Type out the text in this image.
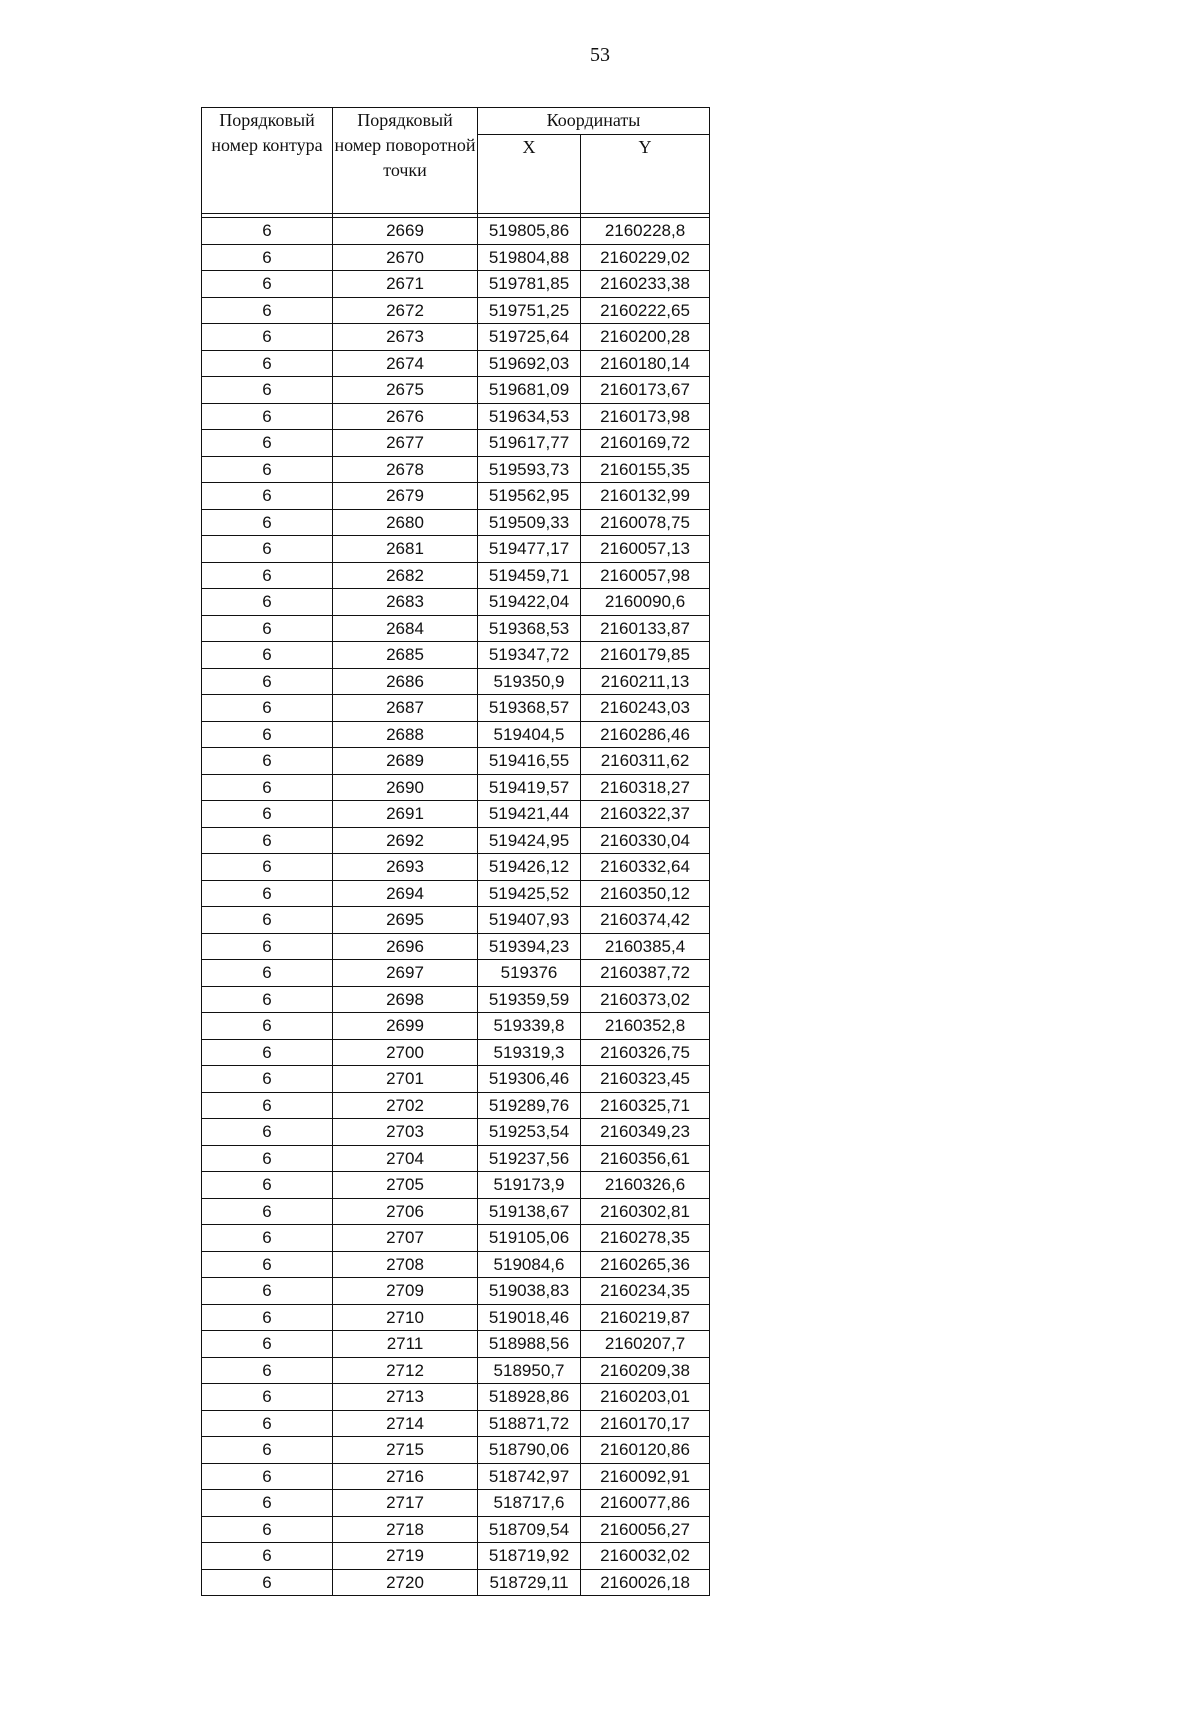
53
Порядковый номер контура	Порядковый номер поворотной точки	Координаты	
		X	Y

6	2669	519805,86	2160228,8
6	2670	519804,88	2160229,02
6	2671	519781,85	2160233,38
6	2672	519751,25	2160222,65
6	2673	519725,64	2160200,28
6	2674	519692,03	2160180,14
6	2675	519681,09	2160173,67
6	2676	519634,53	2160173,98
6	2677	519617,77	2160169,72
6	2678	519593,73	2160155,35
6	2679	519562,95	2160132,99
6	2680	519509,33	2160078,75
6	2681	519477,17	2160057,13
6	2682	519459,71	2160057,98
6	2683	519422,04	2160090,6
6	2684	519368,53	2160133,87
6	2685	519347,72	2160179,85
6	2686	519350,9	2160211,13
6	2687	519368,57	2160243,03
6	2688	519404,5	2160286,46
6	2689	519416,55	2160311,62
6	2690	519419,57	2160318,27
6	2691	519421,44	2160322,37
6	2692	519424,95	2160330,04
6	2693	519426,12	2160332,64
6	2694	519425,52	2160350,12
6	2695	519407,93	2160374,42
6	2696	519394,23	2160385,4
6	2697	519376	2160387,72
6	2698	519359,59	2160373,02
6	2699	519339,8	2160352,8
6	2700	519319,3	2160326,75
6	2701	519306,46	2160323,45
6	2702	519289,76	2160325,71
6	2703	519253,54	2160349,23
6	2704	519237,56	2160356,61
6	2705	519173,9	2160326,6
6	2706	519138,67	2160302,81
6	2707	519105,06	2160278,35
6	2708	519084,6	2160265,36
6	2709	519038,83	2160234,35
6	2710	519018,46	2160219,87
6	2711	518988,56	2160207,7
6	2712	518950,7	2160209,38
6	2713	518928,86	2160203,01
6	2714	518871,72	2160170,17
6	2715	518790,06	2160120,86
6	2716	518742,97	2160092,91
6	2717	518717,6	2160077,86
6	2718	518709,54	2160056,27
6	2719	518719,92	2160032,02
6	2720	518729,11	2160026,18
